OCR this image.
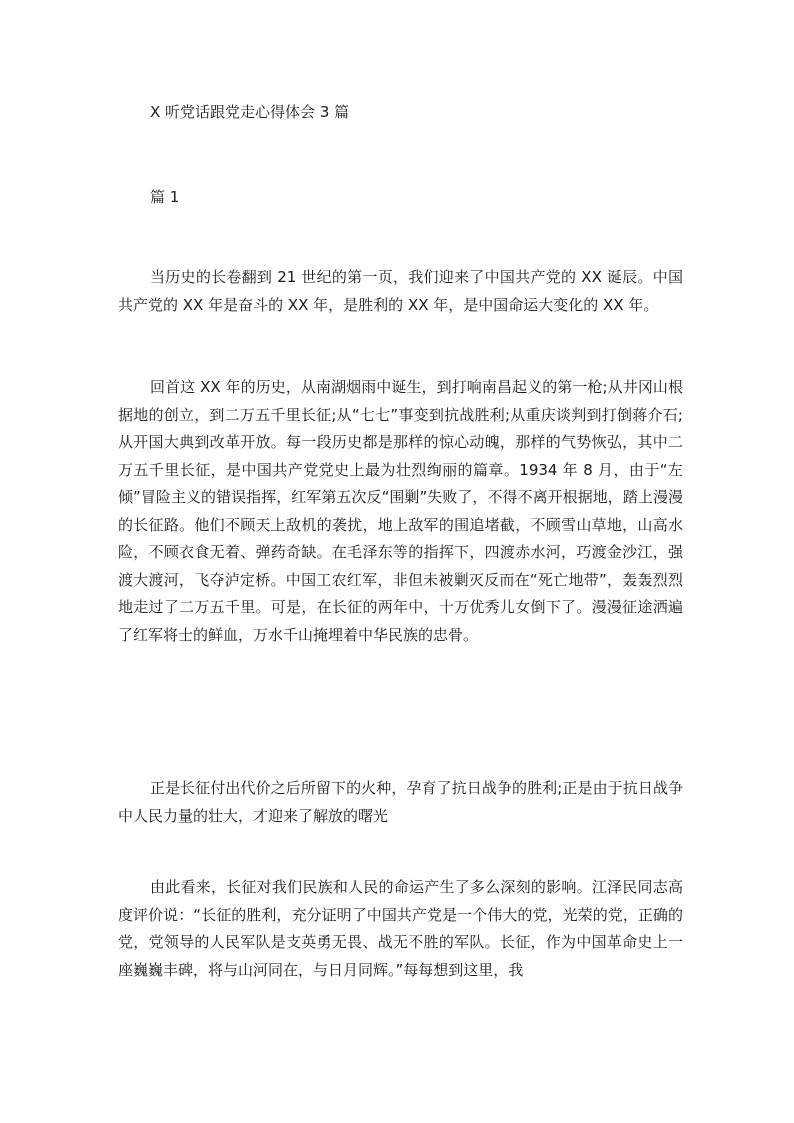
X 听党话跟党走心得体会 3 篇
篇 1

当历史的长卷翻到 21 世纪的第一页，我们迎来了中国共产党的 XX 诞辰。中国共产党的 XX 年是奋斗的 XX 年，是胜利的 XX 年，是中国命运大变化的 XX 年。

回首这 XX 年的历史，从南湖烟雨中诞生，到打响南昌起义的第一枪;从井冈山根据地的创立，到二万五千里长征;从“七七”事变到抗战胜利;从重庆谈判到打倒蒋介石;从开国大典到改革开放。每一段历史都是那样的惊心动魄，那样的气势恢弘，其中二万五千里长征，是中国共产党党史上最为壮烈绚丽的篇章。1934 年 8 月，由于“左倾”冒险主义的错误指挥，红军第五次反“围剿”失败了，不得不离开根据地，踏上漫漫的长征路。他们不顾天上敌机的袭扰，地上敌军的围追堵截，不顾雪山草地，山高水险，不顾衣食无着、弹药奇缺。在毛泽东等的指挥下，四渡赤水河，巧渡金沙江，强渡大渡河，飞夺泸定桥。中国工农红军，非但未被剿灭反而在“死亡地带”，轰轰烈烈地走过了二万五千里。可是，在长征的两年中，十万优秀儿女倒下了。漫漫征途洒遍了红军将士的鲜血，万水千山掩埋着中华民族的忠骨。

正是长征付出代价之后所留下的火种，孕育了抗日战争的胜利;正是由于抗日战争中人民力量的壮大，才迎来了解放的曙光

由此看来，长征对我们民族和人民的命运产生了多么深刻的影响。江泽民同志高度评价说：“长征的胜利，充分证明了中国共产党是一个伟大的党，光荣的党，正确的党，党领导的人民军队是支英勇无畏、战无不胜的军队。长征，作为中国革命史上一座巍巍丰碑，将与山河同在，与日月同辉。”每每想到这里，我
